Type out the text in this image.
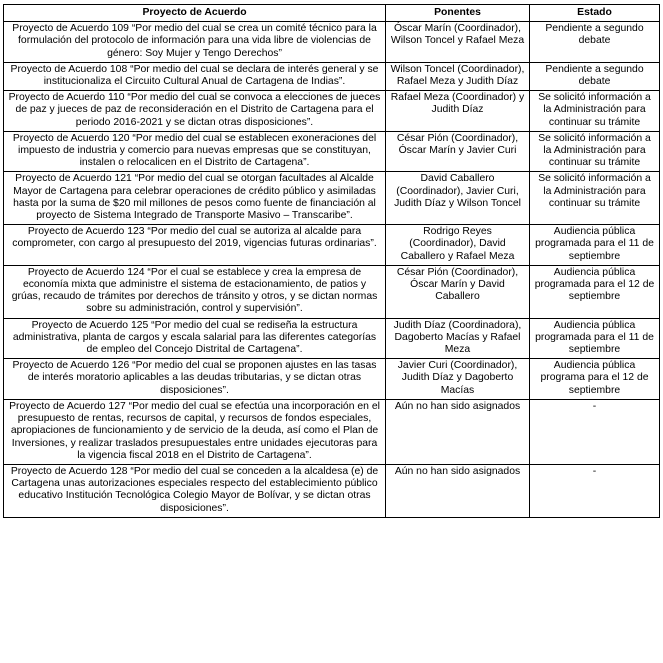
Proyecto de Acuerdo	Ponentes	Estado
Proyecto de Acuerdo 109 “Por medio del cual se crea un comité técnico para la formulación del protocolo de información para una vida libre de violencias de género: Soy Mujer y Tengo Derechos”	Óscar Marín (Coordinador), Wilson Toncel y Rafael Meza	Pendiente a segundo debate
Proyecto de Acuerdo 108 “Por medio del cual se declara de interés general y se institucionaliza el Circuito Cultural Anual de Cartagena de Indias”.	Wilson Toncel (Coordinador), Rafael Meza y Judith Díaz	Pendiente a segundo debate
Proyecto de Acuerdo 110 “Por medio del cual se convoca a elecciones de jueces de paz y jueces de paz de reconsideración en el Distrito de Cartagena para el periodo 2016-2021 y se dictan otras disposiciones”.	Rafael Meza (Coordinador) y Judith Díaz	Se solicitó información a la Administración para continuar su trámite
Proyecto de Acuerdo 120 “Por medio del cual se establecen exoneraciones del impuesto de industria y comercio para nuevas empresas que se constituyan, instalen o relocalicen en el Distrito de Cartagena”.	César Pión (Coordinador), Óscar Marín y Javier Curi	Se solicitó información a la Administración para continuar su trámite
Proyecto de Acuerdo 121 “Por medio del cual se otorgan facultades al Alcalde Mayor de Cartagena para celebrar operaciones de crédito público y asimiladas hasta por la suma de $20 mil millones de pesos como fuente de financiación al proyecto de Sistema Integrado de Transporte Masivo – Transcaribe”.	David Caballero (Coordinador), Javier Curi, Judith Díaz y Wilson Toncel	Se solicitó información a la Administración para continuar su trámite
Proyecto de Acuerdo 123 “Por medio del cual se autoriza al alcalde para comprometer, con cargo al presupuesto del 2019, vigencias futuras ordinarias”.	Rodrigo Reyes (Coordinador), David Caballero y Rafael Meza	Audiencia pública programada para el 11 de septiembre
Proyecto de Acuerdo 124 “Por el cual se establece y crea la empresa de economía mixta que administre el sistema de estacionamiento, de patios y grúas, recaudo de trámites por derechos de tránsito y otros, y se dictan normas sobre su administración, control y supervisión”.	César Pión (Coordinador), Óscar Marín y David Caballero	Audiencia pública programada para el 12 de septiembre
Proyecto de Acuerdo 125 “Por medio del cual se rediseña la estructura administrativa, planta de cargos y escala salarial para las diferentes categorías de empleo del Concejo Distrital de Cartagena”.	Judith Díaz (Coordinadora), Dagoberto Macías y Rafael Meza	Audiencia pública programada para el 11 de septiembre
Proyecto de Acuerdo 126 “Por medio del cual se proponen ajustes en las tasas de interés moratorio aplicables a las deudas tributarias, y se dictan otras disposiciones”.	Javier Curi (Coordinador), Judith Díaz y Dagoberto Macías	Audiencia pública programa para el 12 de septiembre
Proyecto de Acuerdo 127 “Por medio del cual se efectúa una incorporación en el presupuesto de rentas, recursos de capital, y recursos de fondos especiales, apropiaciones de funcionamiento y de servicio de la deuda, así como el Plan de Inversiones, y realizar traslados presupuestales entre unidades ejecutoras para la vigencia fiscal 2018 en el Distrito de Cartagena”.	Aún no han sido asignados	-
Proyecto de Acuerdo 128 “Por medio del cual se conceden a la alcaldesa (e) de Cartagena unas autorizaciones especiales respecto del establecimiento público educativo Institución Tecnológica Colegio Mayor de Bolívar, y se dictan otras disposiciones”.	Aún no han sido asignados	-
